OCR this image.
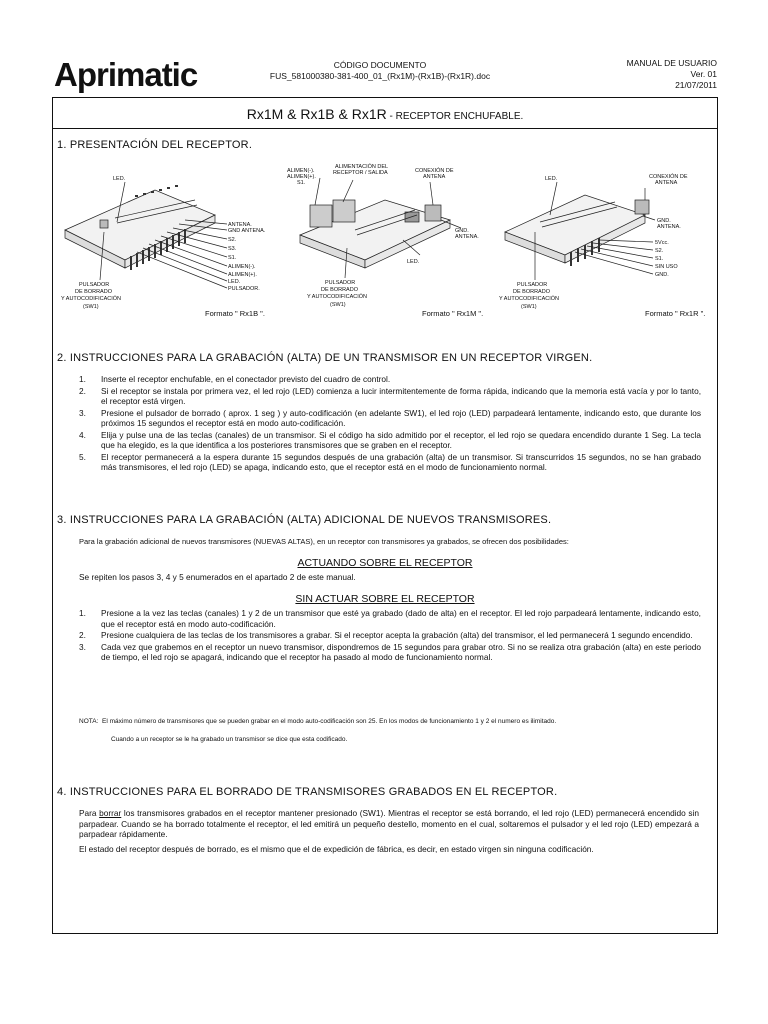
Aprimatic	CÓDIGO DOCUMENTO
FUS_581000380-381-400_01_(Rx1M)-(Rx1B)-(Rx1R).doc
MANUAL DE USUARIO
Ver. 01
21/07/2011
Rx1M & Rx1B & Rx1R - RECEPTOR ENCHUFABLE.
1. PRESENTACIÓN DEL RECEPTOR.
LED.
ANTENA.
GND ANTENA.
S2.
S3.
S1.
ALIMEN(-).
ALIMEN(+).
LED.
PULSADOR.
PULSADOR
DE BORRADO
Y AUTOCODIFICACIÓN
(SW1)
Formato " Rx1B ".
ALIMEN(-).
ALIMEN(+).
S1.
ALIMENTACIÓN DEL
RECEPTOR / SALIDA	CONEXIÓN DE
ANTENA
GND.
ANTENA.
LED.
PULSADOR
DE BORRADO
Y AUTOCODIFICACIÓN
(SW1)
Formato " Rx1M ".
LED.	CONEXIÓN DE
ANTENA
GND.
ANTENA.
5Vcc.
S2.
S1.
SIN USO
GND.
PULSADOR
DE BORRADO
Y AUTOCODIFICACIÓN
(SW1)
Formato " Rx1R ".
2. INSTRUCCIONES PARA LA GRABACIÓN (ALTA) DE UN TRANSMISOR EN UN RECEPTOR VIRGEN.
1. Inserte el receptor enchufable, en el conectador previsto del cuadro de control.
2. Si el receptor se instala por primera vez, el led rojo (LED) comienza a lucir intermitentemente de forma rápida, indicando que la memoria está vacía y por lo tanto, el receptor está virgen.
3. Presione el pulsador de borrado ( aprox. 1 seg ) y auto-codificación (en adelante SW1), el led rojo (LED) parpadeará lentamente, indicando esto, que durante los próximos 15 segundos el receptor está en modo auto-codificación.
4. Elija y pulse una de las teclas (canales) de un transmisor. Si el código ha sido admitido por el receptor, el led rojo se quedara encendido durante 1 Seg. La tecla que ha elegido, es la que identifica a los posteriores transmisores que se graben en el receptor.
5. El receptor permanecerá a la espera durante 15 segundos después de una grabación (alta) de un transmisor. Si transcurridos 15 segundos, no se han grabado más transmisores, el led rojo (LED) se apaga, indicando esto, que el receptor está en el modo de funcionamiento normal.
3. INSTRUCCIONES PARA LA GRABACIÓN (ALTA) ADICIONAL DE NUEVOS TRANSMISORES.
Para la grabación adicional de nuevos transmisores (NUEVAS ALTAS), en un receptor con transmisores ya grabados, se ofrecen dos posibilidades:
ACTUANDO SOBRE EL RECEPTOR
Se repiten los pasos 3, 4 y 5 enumerados en el apartado 2 de este manual.
SIN ACTUAR SOBRE EL RECEPTOR
1. Presione a la vez las teclas (canales) 1 y 2 de un transmisor que esté ya grabado (dado de alta) en el receptor. El led rojo parpadeará lentamente, indicando esto, que el receptor está en modo auto-codificación.
2. Presione cualquiera de las teclas de los transmisores a grabar. Si el receptor acepta la grabación (alta) del transmisor, el led permanecerá 1 segundo encendido.
3. Cada vez que grabemos en el receptor un nuevo transmisor, dispondremos de 15 segundos para grabar otro. Si no se realiza otra grabación (alta) en este periodo de tiempo, el led rojo se apagará, indicando que el receptor ha pasado al modo de funcionamiento normal.
NOTA: El máximo número de transmisores que se pueden grabar en el modo auto-codificación son 25. En los modos de funcionamiento 1 y 2 el numero es ilimitado.
Cuando a un receptor se le ha grabado un transmisor se dice que esta codificado.
4. INSTRUCCIONES PARA EL BORRADO DE TRANSMISORES GRABADOS EN EL RECEPTOR.
Para borrar los transmisores grabados en el receptor mantener presionado (SW1). Mientras el receptor se está borrando, el led rojo (LED) permanecerá encendido sin parpadear. Cuando se ha borrado totalmente el receptor, el led emitirá un pequeño destello, momento en el cual, soltaremos el pulsador y el led rojo (LED) empezará a parpadear rápidamente.
El estado del receptor después de borrado, es el mismo que el de expedición de fábrica, es decir, en estado virgen sin ninguna codificación.
